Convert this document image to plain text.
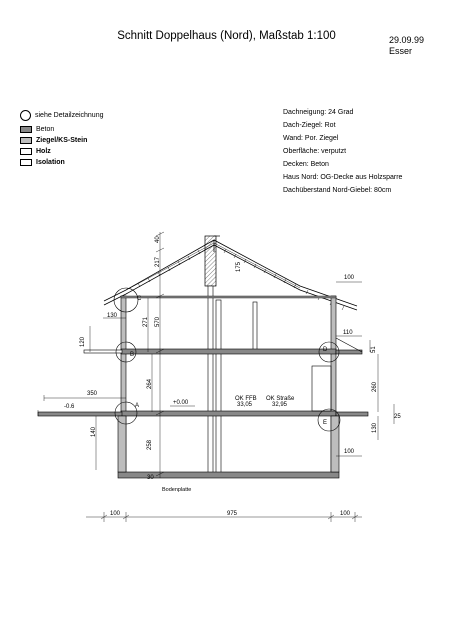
Schnitt Doppelhaus (Nord), Maßstab 1:100	29.09.99
Esser
siehe Detailzeichnung
Beton
Ziegel/KS-Stein
Holz
Isolation
Dachneigung: 24 Grad
Dach-Ziegel: Rot
Wand: Por. Ziegel
Oberfläche: verputzt
Decken: Beton
Haus Nord: OG-Decke aus Holzsparre
Dachüberstand Nord-Giebel: 80cm
C
B
A
D
E
40
217	175
271 570
264
258
130
120
350
-0.6
140
+0.00
OK FFB
33,05
OK Straße
32,95
100
110
51
260
25
130
100
30
Bodenplatte
100	975	100
